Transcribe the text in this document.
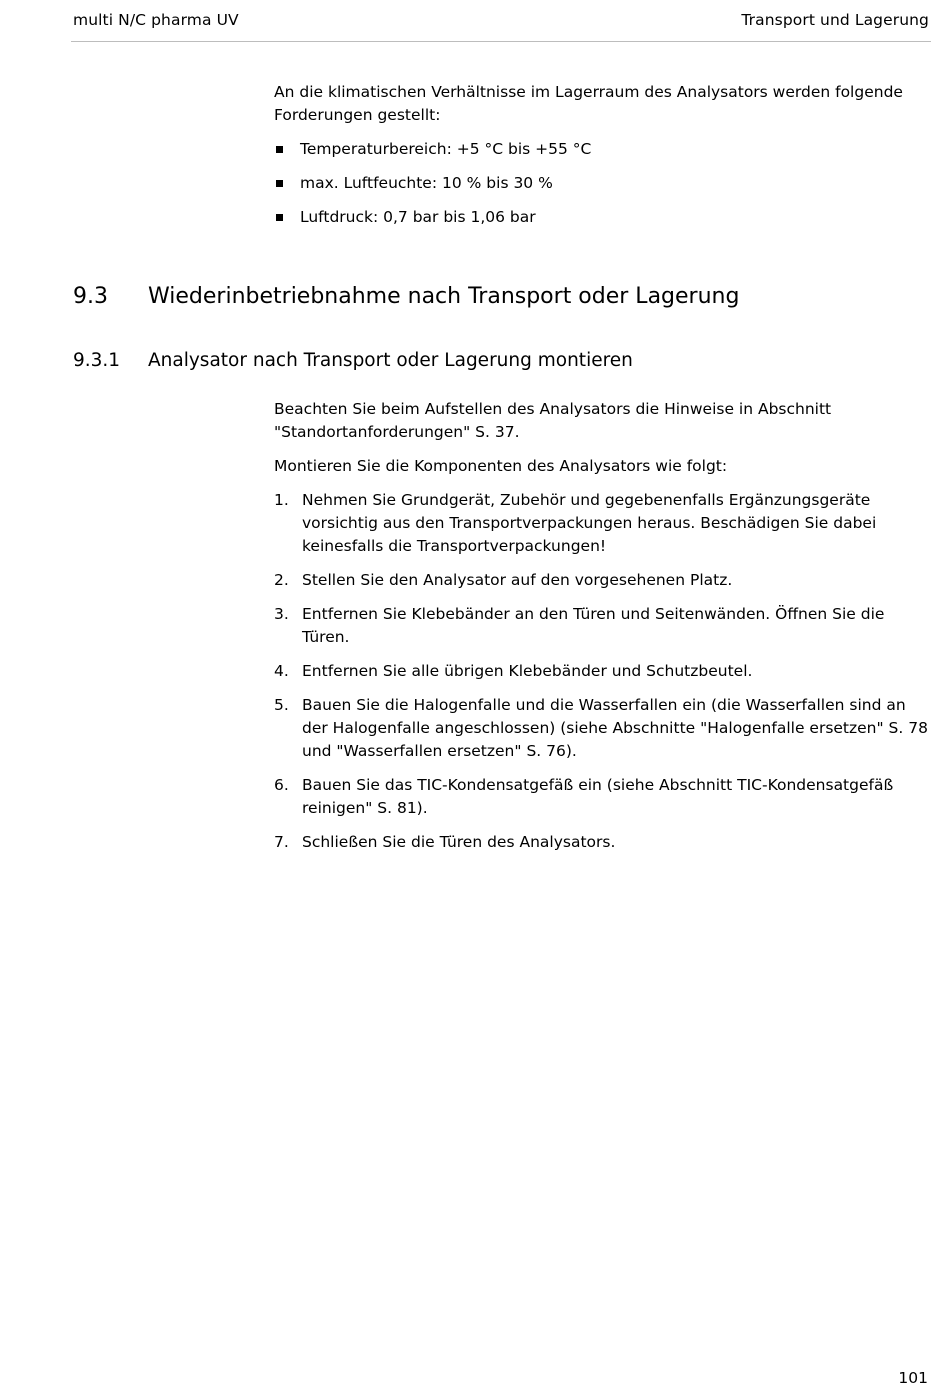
multi N/C pharma UV	Transport und Lagerung

An die klimatischen Verhältnisse im Lagerraum des Analysators werden folgende Forderungen gestellt:

Temperaturbereich: +5 °C bis +55 °C
max. Luftfeuchte: 10 % bis 30 %
Luftdruck: 0,7 bar bis 1,06 bar
9.3 Wiederinbetriebnahme nach Transport oder Lagerung
9.3.1 Analysator nach Transport oder Lagerung montieren

Beachten Sie beim Aufstellen des Analysators die Hinweise in Abschnitt "Standortanforderungen" S. 37.

Montieren Sie die Komponenten des Analysators wie folgt:

1. Nehmen Sie Grundgerät, Zubehör und gegebenenfalls Ergänzungsgeräte vorsichtig aus den Transportverpackungen heraus. Beschädigen Sie dabei keinesfalls die Transportverpackungen!
2. Stellen Sie den Analysator auf den vorgesehenen Platz.
3. Entfernen Sie Klebebänder an den Türen und Seitenwänden. Öffnen Sie die Türen.
4. Entfernen Sie alle übrigen Klebebänder und Schutzbeutel.
5. Bauen Sie die Halogenfalle und die Wasserfallen ein (die Wasserfallen sind an der Halogenfalle angeschlossen) (siehe Abschnitte "Halogenfalle ersetzen" S. 78 und "Wasserfallen ersetzen" S. 76).
6. Bauen Sie das TIC-Kondensatgefäß ein (siehe Abschnitt TIC-Kondensatgefäß reinigen" S. 81).
7. Schließen Sie die Türen des Analysators.
101
